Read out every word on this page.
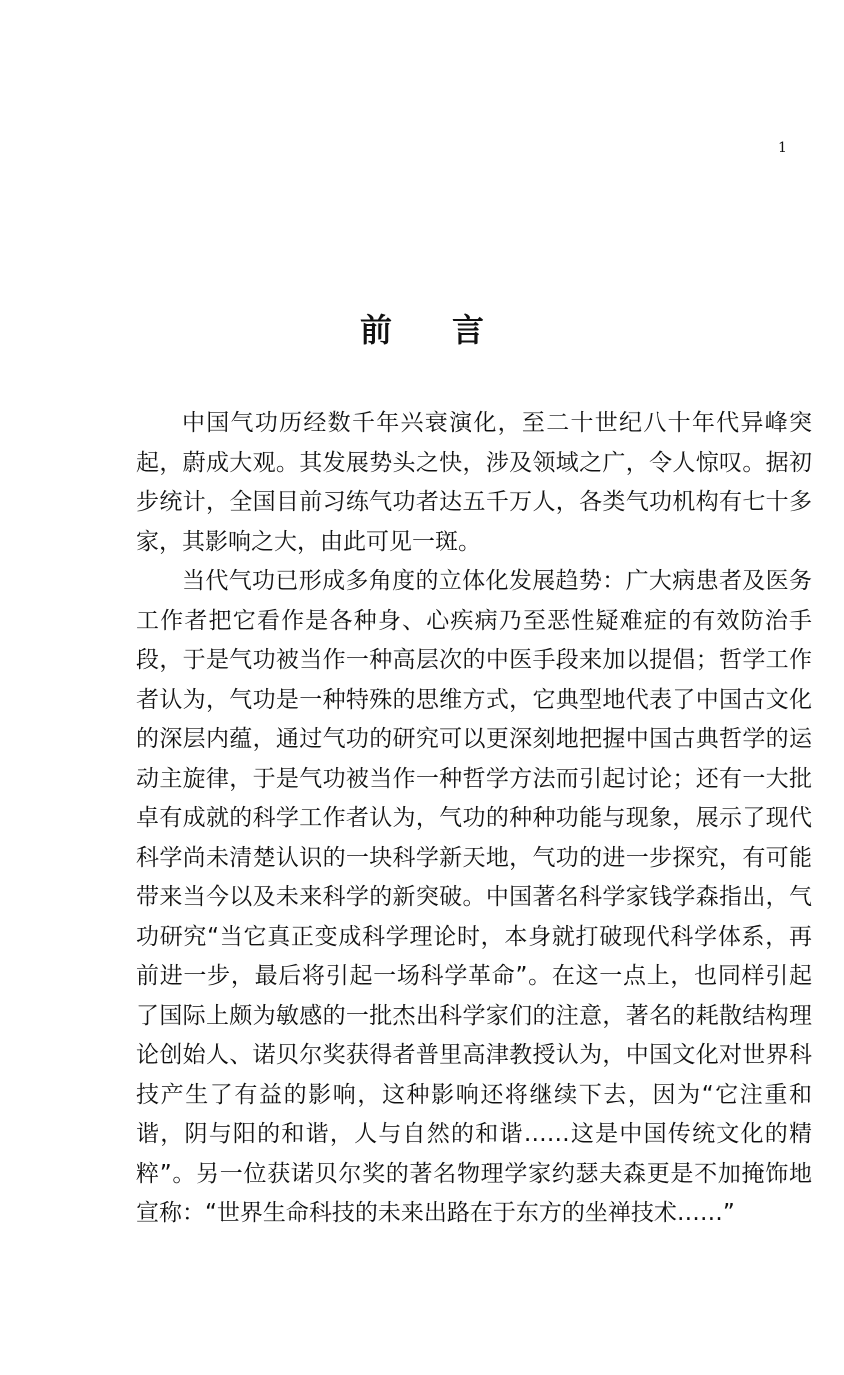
1
前 言

中国气功历经数千年兴衰演化，至二十世纪八十年代异峰突起，蔚成大观。其发展势头之快，涉及领域之广，令人惊叹。据初步统计，全国目前习练气功者达五千万人，各类气功机构有七十多家，其影响之大，由此可见一斑。

当代气功已形成多角度的立体化发展趋势：广大病患者及医务工作者把它看作是各种身、心疾病乃至恶性疑难症的有效防治手段，于是气功被当作一种高层次的中医手段来加以提倡；哲学工作者认为，气功是一种特殊的思维方式，它典型地代表了中国古文化的深层内蕴，通过气功的研究可以更深刻地把握中国古典哲学的运动主旋律，于是气功被当作一种哲学方法而引起讨论；还有一大批卓有成就的科学工作者认为，气功的种种功能与现象，展示了现代科学尚未清楚认识的一块科学新天地，气功的进一步探究，有可能带来当今以及未来科学的新突破。中国著名科学家钱学森指出，气功研究“当它真正变成科学理论时，本身就打破现代科学体系，再前进一步，最后将引起一场科学革命”。在这一点上，也同样引起了国际上颇为敏感的一批杰出科学家们的注意，著名的耗散结构理论创始人、诺贝尔奖获得者普里高津教授认为，中国文化对世界科技产生了有益的影响，这种影响还将继续下去，因为“它注重和谐，阴与阳的和谐，人与自然的和谐……这是中国传统文化的精粹”。另一位获诺贝尔奖的著名物理学家约瑟夫森更是不加掩饰地宣称：“世界生命科技的未来出路在于东方的坐禅技术……”
